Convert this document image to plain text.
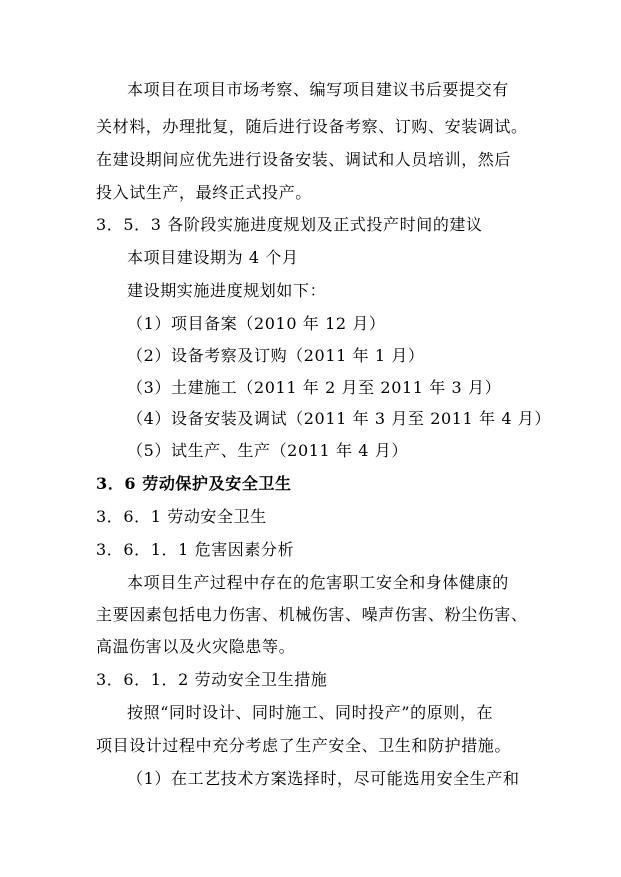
本项目在项目市场考察、编写项目建议书后要提交有
关材料，办理批复，随后进行设备考察、订购、安装调试。
在建设期间应优先进行设备安装、调试和人员培训，然后
投入试生产，最终正式投产。
3．5．3 各阶段实施进度规划及正式投产时间的建议
本项目建设期为 4 个月
建设期实施进度规划如下：
（1）项目备案（2010 年 12 月）
（2）设备考察及订购（2011 年 1 月）
（3）土建施工（2011 年 2 月至 2011 年 3 月）
（4）设备安装及调试（2011 年 3 月至 2011 年 4 月）
（5）试生产、生产（2011 年 4 月）
3．6 劳动保护及安全卫生
3．6．1 劳动安全卫生
3．6．1．1 危害因素分析
本项目生产过程中存在的危害职工安全和身体健康的
主要因素包括电力伤害、机械伤害、噪声伤害、粉尘伤害、
高温伤害以及火灾隐患等。
3．6．1．2 劳动安全卫生措施
按照“同时设计、同时施工、同时投产”的原则，在
项目设计过程中充分考虑了生产安全、卫生和防护措施。
（1）在工艺技术方案选择时，尽可能选用安全生产和
